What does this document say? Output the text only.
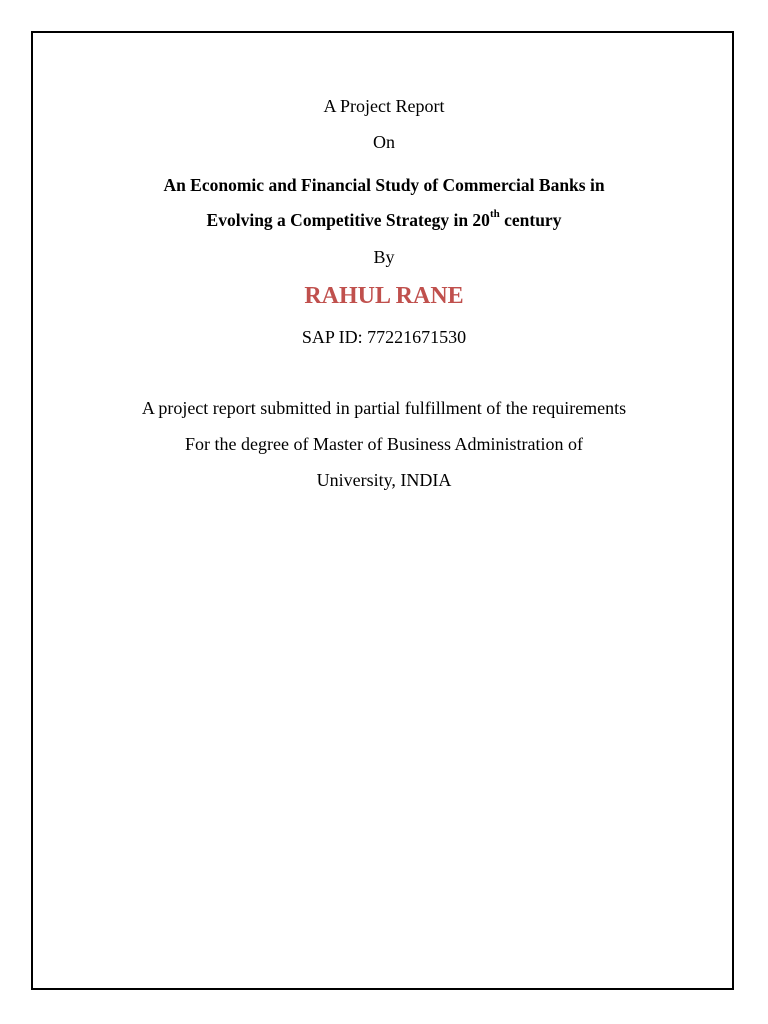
A Project Report
On
An Economic and Financial Study of Commercial Banks in
Evolving a Competitive Strategy in 20th century
By
RAHUL RANE
SAP ID: 77221671530
A project report submitted in partial fulfillment of the requirements
For the degree of Master of Business Administration of
University, INDIA
